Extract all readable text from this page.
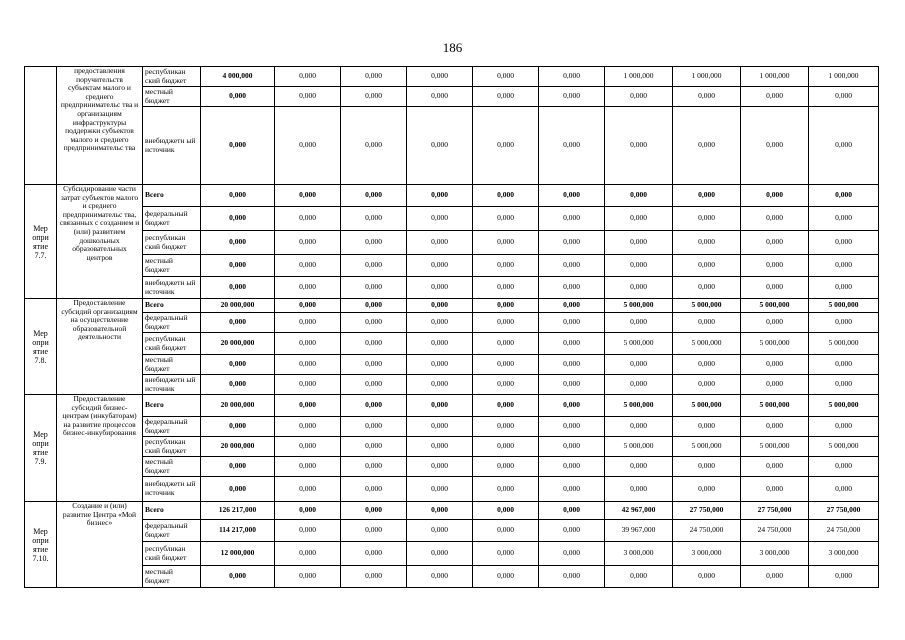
186
	предоставления поручительств субъектам малого и среднего предпринимательс тва и организациям инфраструктуры поддержки субъектов малого и среднего предпринимательс тва	республикан ский бюджет	4 000,000	0,000	0,000	0,000	0,000	0,000	1 000,000	1 000,000	1 000,000	1 000,000
		местный бюджет	0,000	0,000	0,000	0,000	0,000	0,000	0,000	0,000	0,000	0,000
		внебюджетн ый источник	0,000	0,000	0,000	0,000	0,000	0,000	0,000	0,000	0,000	0,000
Мер опри ятие 7.7.	Субсидирование части затрат субъектов малого и среднего предпринимательс тва, связанных с созданием и (или) развитием дошкольных образовательных центров	Всего	0,000	0,000	0,000	0,000	0,000	0,000	0,000	0,000	0,000	0,000
		федеральный бюджет	0,000	0,000	0,000	0,000	0,000	0,000	0,000	0,000	0,000	0,000
		республикан ский бюджет	0,000	0,000	0,000	0,000	0,000	0,000	0,000	0,000	0,000	0,000
		местный бюджет	0,000	0,000	0,000	0,000	0,000	0,000	0,000	0,000	0,000	0,000
		внебюджетн ый источник	0,000	0,000	0,000	0,000	0,000	0,000	0,000	0,000	0,000	0,000
Мер опри ятие 7.8.	Предоставление субсидий организациям на осуществление образовательной деятельности	Всего	20 000,000	0,000	0,000	0,000	0,000	0,000	5 000,000	5 000,000	5 000,000	5 000,000
		федеральный бюджет	0,000	0,000	0,000	0,000	0,000	0,000	0,000	0,000	0,000	0,000
		республикан ский бюджет	20 000,000	0,000	0,000	0,000	0,000	0,000	5 000,000	5 000,000	5 000,000	5 000,000
		местный бюджет	0,000	0,000	0,000	0,000	0,000	0,000	0,000	0,000	0,000	0,000
		внебюджетн ый источник	0,000	0,000	0,000	0,000	0,000	0,000	0,000	0,000	0,000	0,000
Мер опри ятие 7.9.	Предоставление субсидий бизнес-центрам (инкубаторам) на развитие процессов бизнес-инкубирования	Всего	20 000,000	0,000	0,000	0,000	0,000	0,000	5 000,000	5 000,000	5 000,000	5 000,000
		федеральный бюджет	0,000	0,000	0,000	0,000	0,000	0,000	0,000	0,000	0,000	0,000
		республикан ский бюджет	20 000,000	0,000	0,000	0,000	0,000	0,000	5 000,000	5 000,000	5 000,000	5 000,000
		местный бюджет	0,000	0,000	0,000	0,000	0,000	0,000	0,000	0,000	0,000	0,000
		внебюджетн ый источник	0,000	0,000	0,000	0,000	0,000	0,000	0,000	0,000	0,000	0,000
Мер опри ятие 7.10.	Создание и (или) развитие Центра «Мой бизнес»	Всего	126 217,000	0,000	0,000	0,000	0,000	0,000	42 967,000	27 750,000	27 750,000	27 750,000
		федеральный бюджет	114 217,000	0,000	0,000	0,000	0,000	0,000	39 967,000	24 750,000	24 750,000	24 750,000
		республикан ский бюджет	12 000,000	0,000	0,000	0,000	0,000	0,000	3 000,000	3 000,000	3 000,000	3 000,000
		местный бюджет	0,000	0,000	0,000	0,000	0,000	0,000	0,000	0,000	0,000	0,000
